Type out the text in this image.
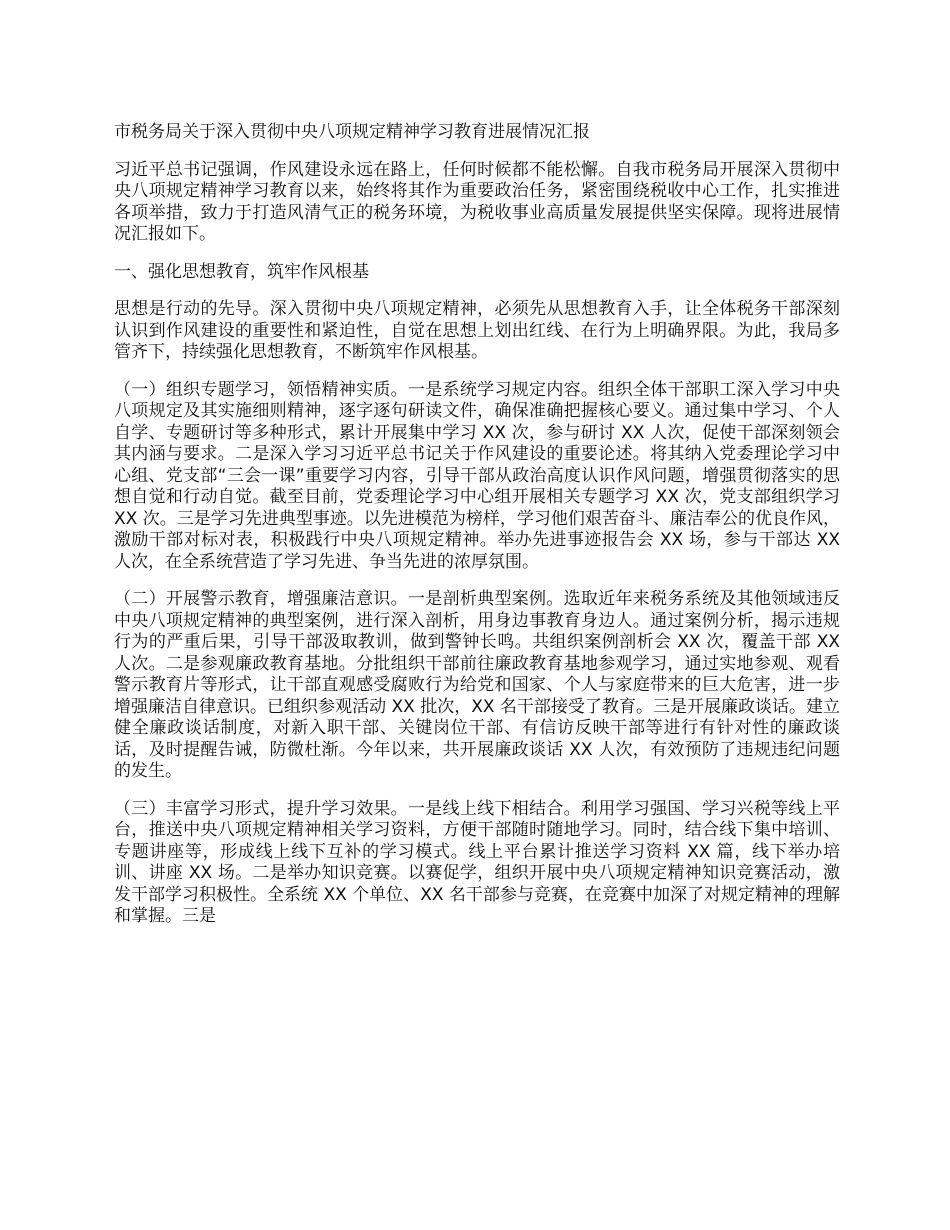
市税务局关于深入贯彻中央八项规定精神学习教育进展情况汇报

习近平总书记强调，作风建设永远在路上，任何时候都不能松懈。自我市税务局开展深入贯彻中央八项规定精神学习教育以来，始终将其作为重要政治任务，紧密围绕税收中心工作，扎实推进各项举措，致力于打造风清气正的税务环境，为税收事业高质量发展提供坚实保障。现将进展情况汇报如下。

一、强化思想教育，筑牢作风根基

思想是行动的先导。深入贯彻中央八项规定精神，必须先从思想教育入手，让全体税务干部深刻认识到作风建设的重要性和紧迫性，自觉在思想上划出红线、在行为上明确界限。为此，我局多管齐下，持续强化思想教育，不断筑牢作风根基。

（一）组织专题学习，领悟精神实质。一是系统学习规定内容。组织全体干部职工深入学习中央八项规定及其实施细则精神，逐字逐句研读文件，确保准确把握核心要义。通过集中学习、个人自学、专题研讨等多种形式，累计开展集中学习 XX 次，参与研讨 XX 人次，促使干部深刻领会其内涵与要求。二是深入学习习近平总书记关于作风建设的重要论述。将其纳入党委理论学习中心组、党支部“三会一课”重要学习内容，引导干部从政治高度认识作风问题，增强贯彻落实的思想自觉和行动自觉。截至目前，党委理论学习中心组开展相关专题学习 XX 次，党支部组织学习 XX 次。三是学习先进典型事迹。以先进模范为榜样，学习他们艰苦奋斗、廉洁奉公的优良作风，激励干部对标对表，积极践行中央八项规定精神。举办先进事迹报告会 XX 场，参与干部达 XX 人次，在全系统营造了学习先进、争当先进的浓厚氛围。

（二）开展警示教育，增强廉洁意识。一是剖析典型案例。选取近年来税务系统及其他领域违反中央八项规定精神的典型案例，进行深入剖析，用身边事教育身边人。通过案例分析，揭示违规行为的严重后果，引导干部汲取教训，做到警钟长鸣。共组织案例剖析会 XX 次，覆盖干部 XX 人次。二是参观廉政教育基地。分批组织干部前往廉政教育基地参观学习，通过实地参观、观看警示教育片等形式，让干部直观感受腐败行为给党和国家、个人与家庭带来的巨大危害，进一步增强廉洁自律意识。已组织参观活动 XX 批次，XX 名干部接受了教育。三是开展廉政谈话。建立健全廉政谈话制度，对新入职干部、关键岗位干部、有信访反映干部等进行有针对性的廉政谈话，及时提醒告诫，防微杜渐。今年以来，共开展廉政谈话 XX 人次，有效预防了违规违纪问题的发生。

（三）丰富学习形式，提升学习效果。一是线上线下相结合。利用学习强国、学习兴税等线上平台，推送中央八项规定精神相关学习资料，方便干部随时随地学习。同时，结合线下集中培训、专题讲座等，形成线上线下互补的学习模式。线上平台累计推送学习资料 XX 篇，线下举办培训、讲座 XX 场。二是举办知识竞赛。以赛促学，组织开展中央八项规定精神知识竞赛活动，激发干部学习积极性。全系统 XX 个单位、XX 名干部参与竞赛，在竞赛中加深了对规定精神的理解和掌握。三是
